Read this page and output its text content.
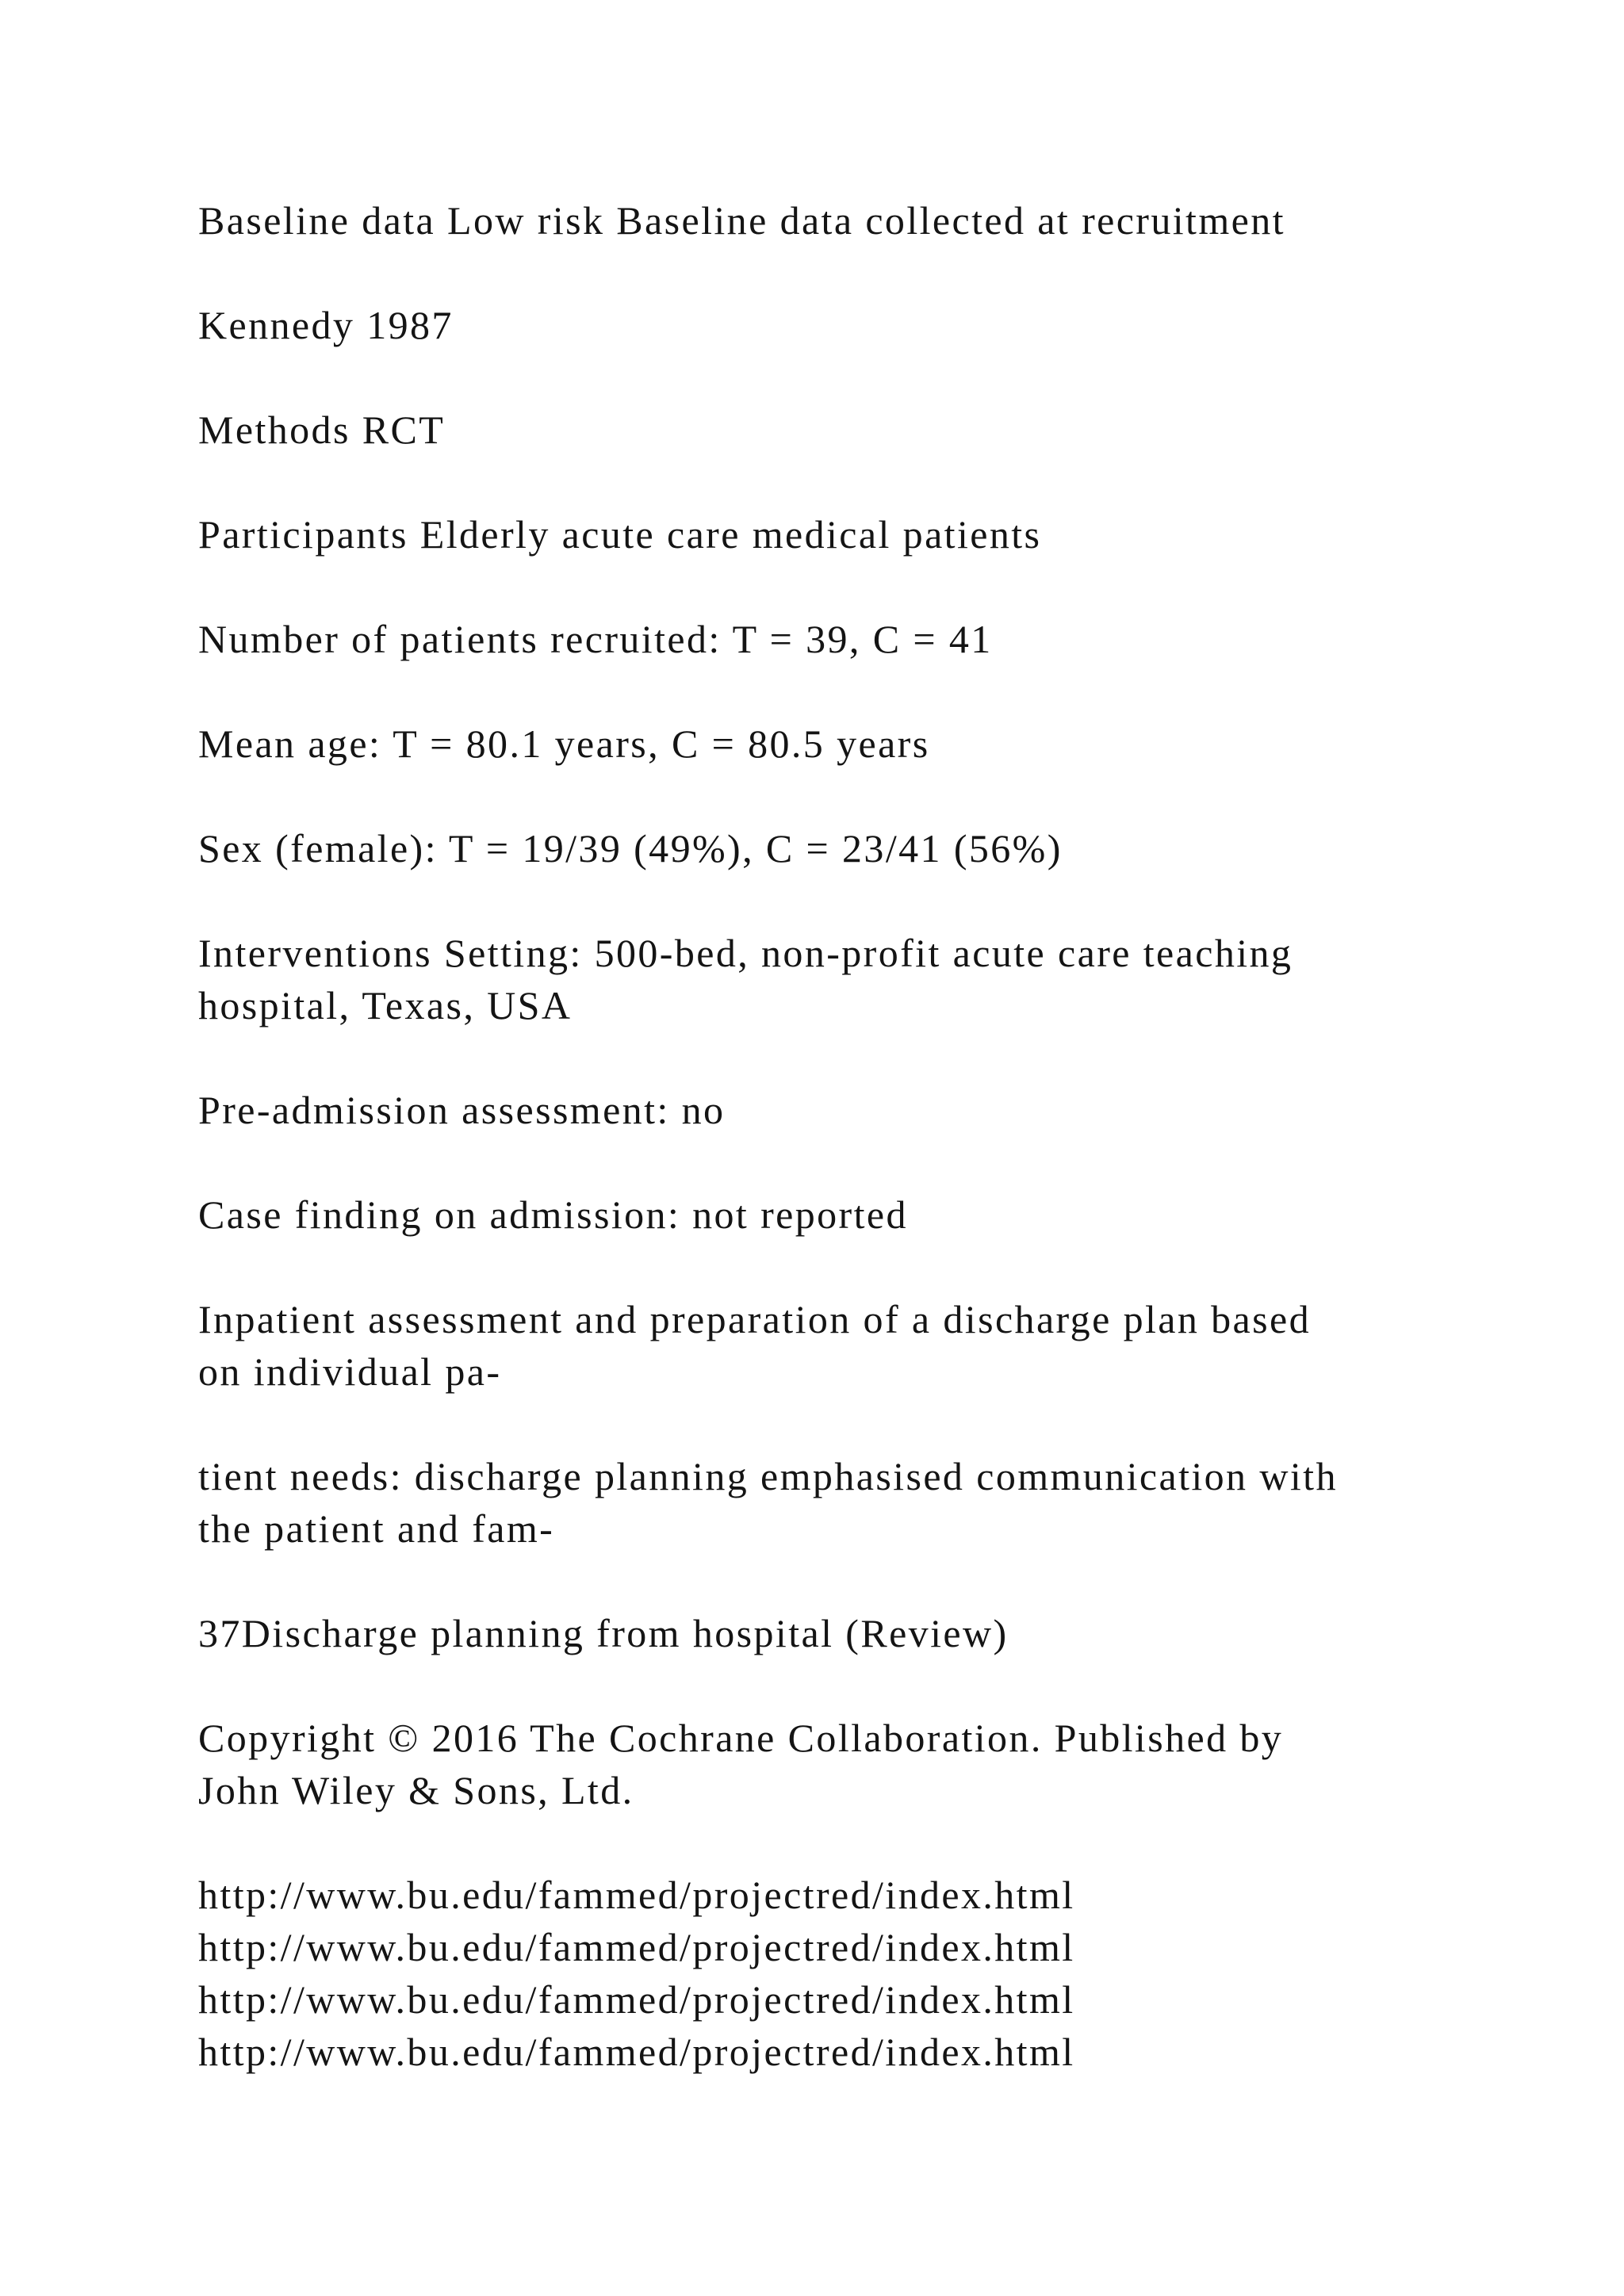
Baseline data Low risk Baseline data collected at recruitment

Kennedy 1987

Methods RCT

Participants Elderly acute care medical patients

Number of patients recruited: T = 39, C = 41

Mean age: T = 80.1 years, C = 80.5 years

Sex (female): T = 19/39 (49%), C = 23/41 (56%)

Interventions Setting: 500-bed, non-profit acute care teaching
hospital, Texas, USA

Pre-admission assessment: no

Case finding on admission: not reported

Inpatient assessment and preparation of a discharge plan based
on individual pa-

tient needs: discharge planning emphasised communication with
the patient and fam-

37Discharge planning from hospital (Review)

Copyright © 2016 The Cochrane Collaboration. Published by
John Wiley & Sons, Ltd.

http://www.bu.edu/fammed/projectred/index.html
http://www.bu.edu/fammed/projectred/index.html
http://www.bu.edu/fammed/projectred/index.html
http://www.bu.edu/fammed/projectred/index.html
